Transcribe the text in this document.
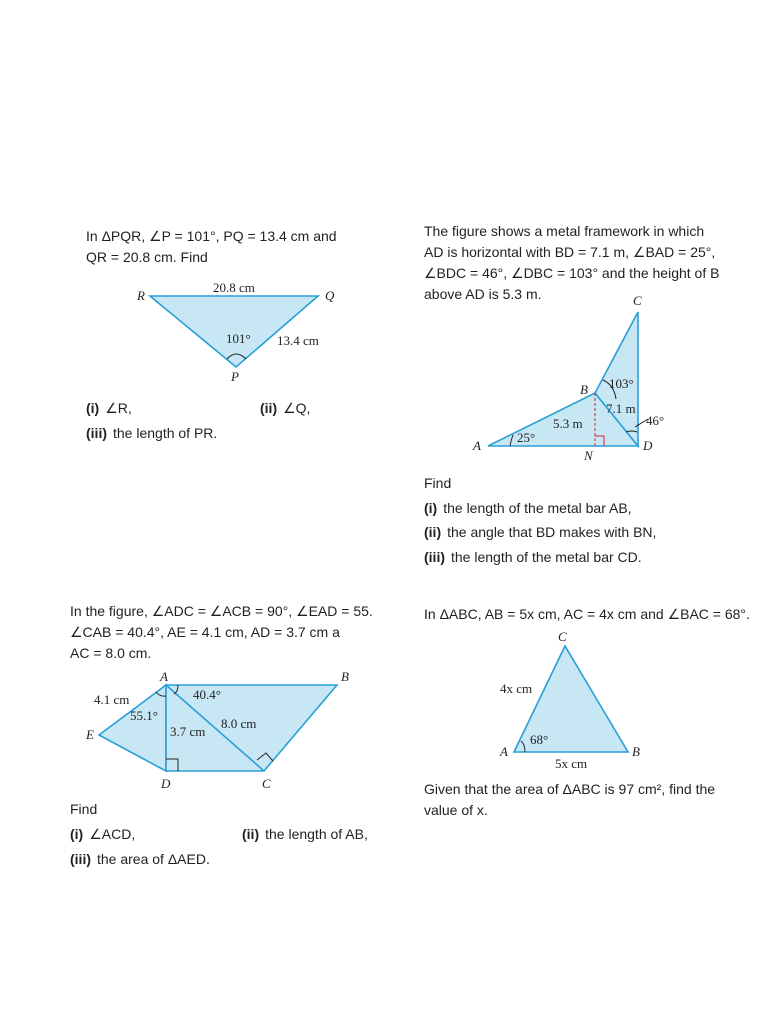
In ΔPQR, ∠P = 101°, PQ = 13.4 cm and

QR = 20.8 cm. Find

R	Q
P
20.8 cm
13.4 cm
101°
(i) ∠R,	(ii) ∠Q,
(iii) the length of PR.

The figure shows a metal framework in which

AD is horizontal with BD = 7.1 m, ∠BAD = 25°,

∠BDC = 46°, ∠DBC = 103° and the height of B

above AD is 5.3 m.	C
B
A	D
N
25°
103°
46°
7.1 m
5.3 m

Find

(i) the length of the metal bar AB,
(ii) the angle that BD makes with BN,
(iii) the length of the metal bar CD.

In the figure, ∠ADC = ∠ACB = 90°, ∠EAD = 55.

∠CAB = 40.4°, AE = 4.1 cm, AD = 3.7 cm a

AC = 8.0 cm.

A	B
C
D
E
4.1 cm
3.7 cm
8.0 cm
55.1°
40.4°

Find

(i) ∠ACD,	(ii) the length of AB,
(iii) the area of ΔAED.

In ΔABC, AB = 5x cm, AC = 4x cm and ∠BAC = 68°.

C
A	B
4x cm
5x cm
68°

Given that the area of ΔABC is 97 cm², find the

value of x.
